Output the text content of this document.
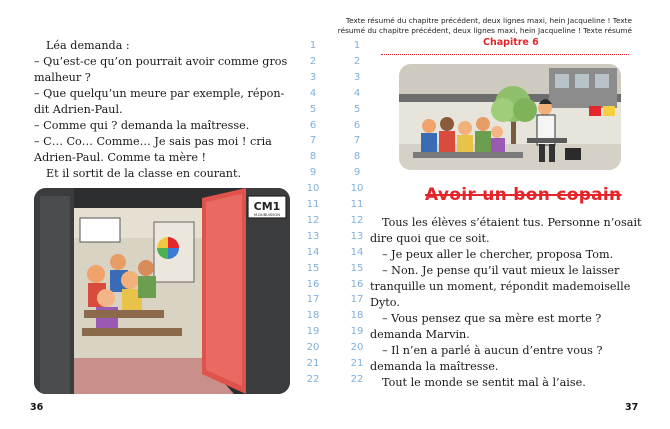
Léa demanda :
– Qu’est-ce qu’on pourrait avoir comme gros
malheur ?
– Que quelqu’un meure par exemple, répon-
dit Adrien-Paul.
– Comme qui ? demanda la maîtresse.
– C… Co… Comme… Je sais pas moi ! cria
Adrien-Paul. Comme ta mère !
Et il sortit de la classe en courant.
CM1
M.DUBUISSON
36
1
2
3
4
5
6
7
8
9
10
11
12
13
14
15
16
17
18
19
20
21
22
1
2
3
4
5
6
7
8
9
10
11
12
13
14
15
16
17
18
19
20
21
22
Texte résumé du chapitre précédent, deux lignes maxi, hein Jacqueline ! Texte
résumé du chapitre précédent, deux lignes maxi, hein Jacqueline ! Texte résumé
Chapitre 6
Avoir un bon copain
Tous les élèves s’étaient tus. Personne n’osait
dire quoi que ce soit.
– Je peux aller le chercher, proposa Tom.
– Non. Je pense qu’il vaut mieux le laisser
tranquille un moment, répondit mademoiselle
Dyto.
– Vous pensez que sa mère est morte ?
demanda Marvin.
– Il n’en a parlé à aucun d’entre vous ?
demanda la maîtresse.
Tout le monde se sentit mal à l’aise.
37
